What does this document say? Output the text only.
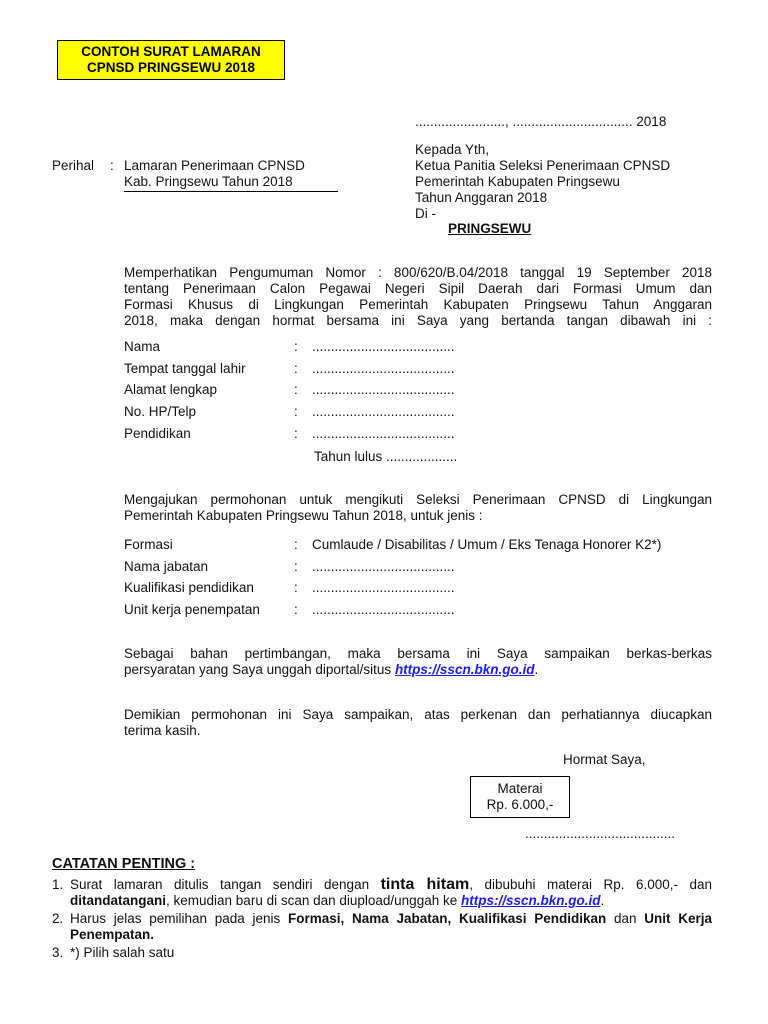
CONTOH SURAT LAMARAN
CPNSD PRINGSEWU 2018
........................, ................................ 2018
Perihal : Lamaran Penerimaan CPNSD
Kab. Pringsewu Tahun 2018
Kepada Yth,
Ketua Panitia Seleksi Penerimaan CPNSD
Pemerintah Kabupaten Pringsewu
Tahun Anggaran 2018
Di -
PRINGSEWU
Memperhatikan Pengumuman Nomor : 800/620/B.04/2018 tanggal 19 September 2018
tentang Penerimaan Calon Pegawai Negeri Sipil Daerah dari Formasi Umum dan
Formasi Khusus di Lingkungan Pemerintah Kabupaten Pringsewu Tahun Anggaran
2018, maka dengan hormat bersama ini Saya yang bertanda tangan dibawah ini :
Nama	: ......................................
Tempat tanggal lahir	: ......................................
Alamat lengkap	: ......................................
No. HP/Telp	: ......................................
Pendidikan	: ......................................
Tahun lulus ...................
Mengajukan permohonan untuk mengikuti Seleksi Penerimaan CPNSD di Lingkungan
Pemerintah Kabupaten Pringsewu Tahun 2018, untuk jenis :
Formasi	: Cumlaude / Disabilitas / Umum / Eks Tenaga Honorer K2*)
Nama jabatan	: ......................................
Kualifikasi pendidikan	: ......................................
Unit kerja penempatan	: ......................................
Sebagai bahan pertimbangan, maka bersama ini Saya sampaikan berkas-berkas
persyaratan yang Saya unggah diportal/situs https://sscn.bkn.go.id.
Demikian permohonan ini Saya sampaikan, atas perkenan dan perhatiannya diucapkan
terima kasih.
Hormat Saya,
Materai
Rp. 6.000,-
........................................
CATATAN PENTING :
1. Surat lamaran ditulis tangan sendiri dengan tinta hitam, dibubuhi materai Rp. 6.000,- dan ditandatangani, kemudian baru di scan dan diupload/unggah ke https://sscn.bkn.go.id.
2. Harus jelas pemilihan pada jenis Formasi, Nama Jabatan, Kualifikasi Pendidikan dan Unit Kerja Penempatan.
3. *) Pilih salah satu
